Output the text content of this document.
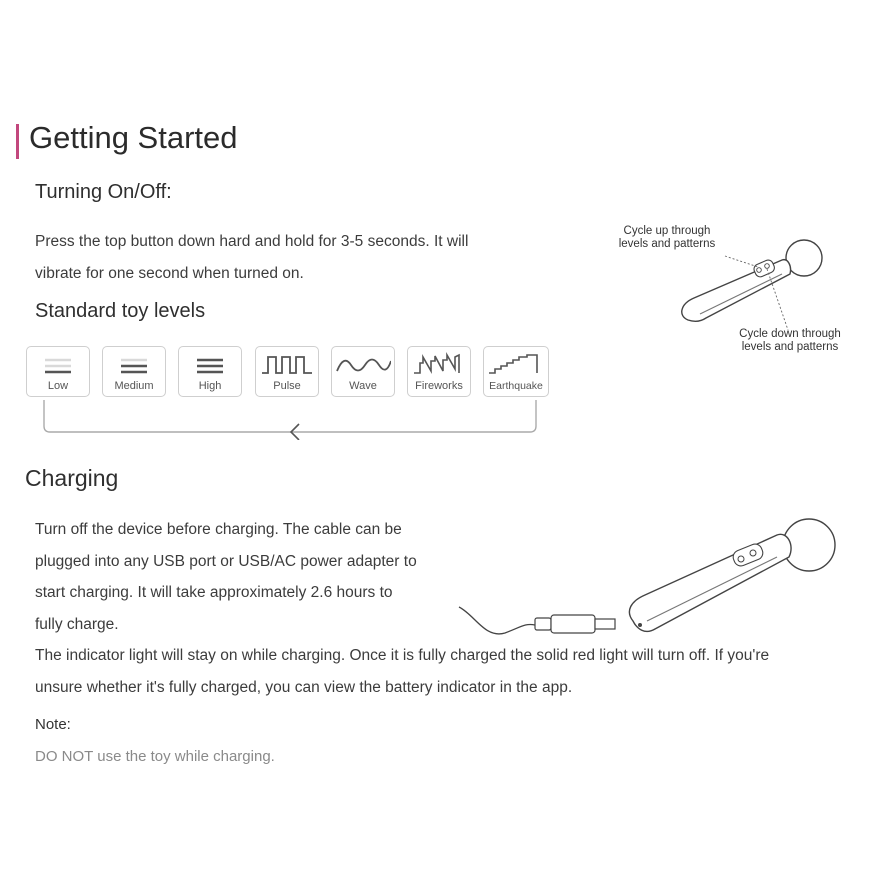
Getting Started
Turning On/Off:
Press the top button down hard and hold for 3-5 seconds. It will
vibrate for one second when turned on.
Standard toy levels
Low	Medium	High	Pulse	Wave	Fireworks	Earthquake
Cycle up through
levels and patterns
Cycle down through
levels and patterns
Charging
Turn off the device before charging. The cable can be
plugged into any USB port or USB/AC power adapter to
start charging. It will take approximately 2.6 hours to
fully charge.
The indicator light will stay on while charging. Once it is fully charged the solid red light will turn off. If you're
unsure whether it's fully charged, you can view the battery indicator in the app.
Note:
DO NOT use the toy while charging.
